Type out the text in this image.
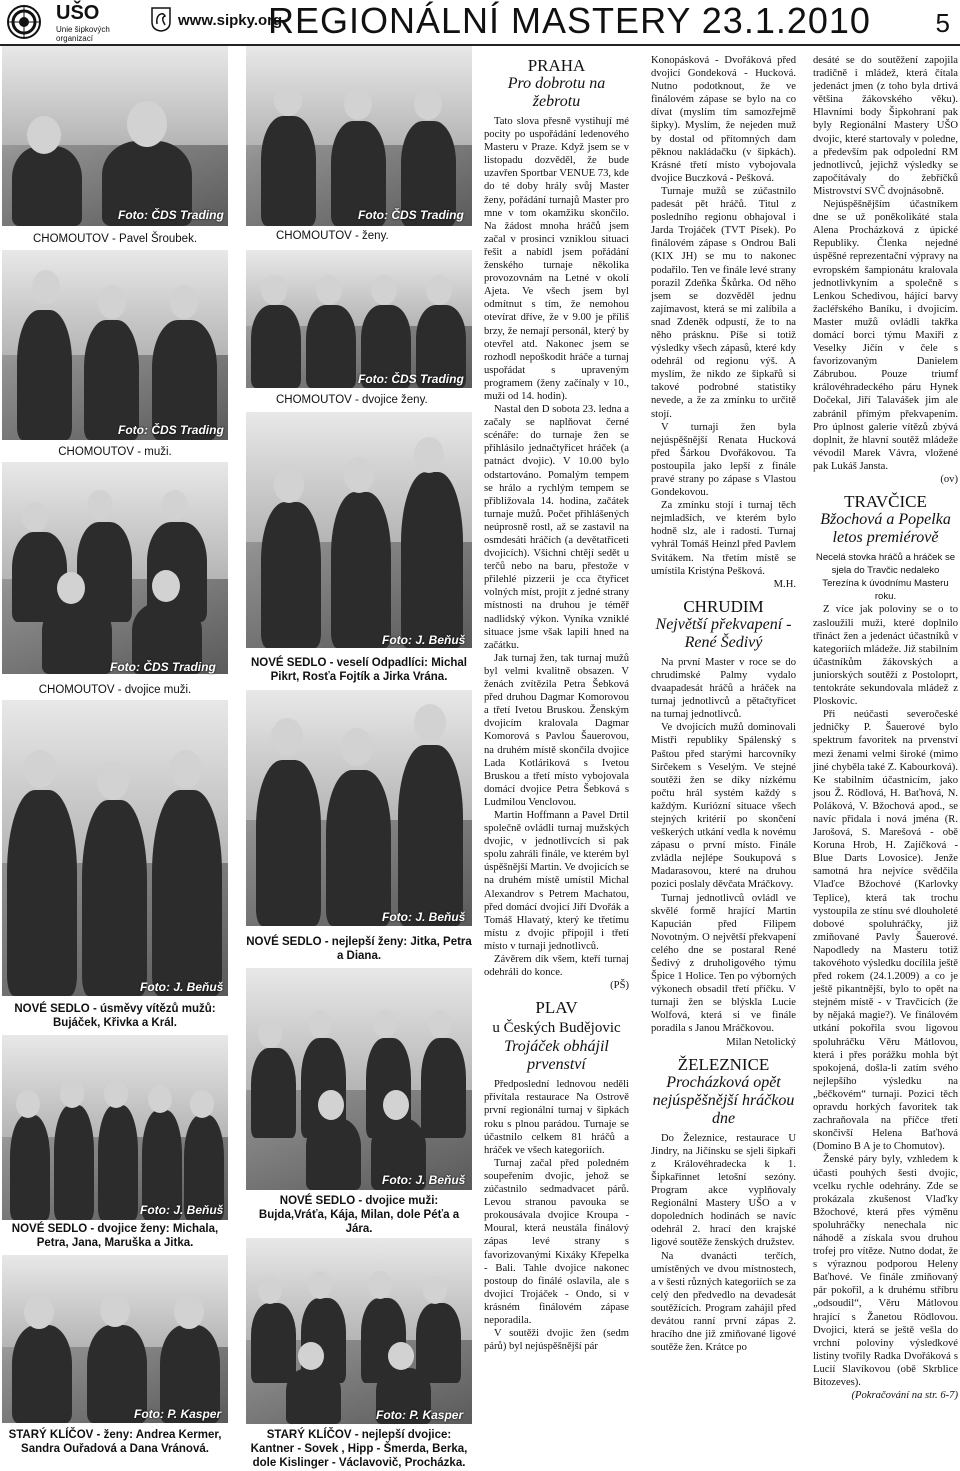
UŠO
Unie šipkových organizací
www.sipky.org
REGIONÁLNÍ MASTERY 23.1.2010 5
CHOMOUTOV - Pavel Šroubek.
Foto: ČDS Trading
CHOMOUTOV - muži.
Foto: ČDS Trading
CHOMOUTOV - dvojice muži.
Foto: J. Beňuš
NOVÉ SEDLO - úsměvy vítězů mužů: Bujáček, Křivka a Král.
Foto: J. Beňuš
NOVÉ SEDLO - dvojice ženy: Michala, Petra, Jana, Maruška a Jitka.
Foto: P. Kasper
STARÝ KLÍČOV - ženy: Andrea Kermer, Sandra Ouřadová a Dana Vránová.
Foto: ČDS Trading
CHOMOUTOV - ženy.
Foto: ČDS Trading
CHOMOUTOV - dvojice ženy.
Foto: J. Beňuš
NOVÉ SEDLO - veselí Odpadlíci: Michal Pikrt, Rosťa Fojtík a Jirka Vrána.
Foto: J. Beňuš
NOVÉ SEDLO - nejlepší ženy: Jitka, Petra a Diana.
Foto: J. Beňuš
NOVÉ SEDLO - dvojice muži: Bujda,Vráťa, Kája, Milan, dole Péťa a Jára.
Foto: P. Kasper
STARÝ KLÍČOV - nejlepší dvojice: Kantner - Sovek , Hipp - Šmerda, Berka, dole Kislinger - Václavovič, Procházka.
PRAHA
Pro dobrotu na žebrotu

Tato slova přesně vystihují mé pocity po uspořádání ledenového Masteru v Praze. Když jsem se v listopadu dozvěděl, že bude uzavřen Sportbar VENUE 73, kde do té doby hrály svůj Master ženy, pořádání turnajů Master pro mne v tom okamžiku skončilo. Na žádost mnoha hráčů jsem začal v prosinci vzniklou situaci řešit a nabídl jsem pořádání ženského turnaje několika provozovnám na Letné v okolí Ajeta. Ve všech jsem byl odmítnut s tím, že nemohou otevírat dříve, že v 9.00 je příliš brzy, že nemají personál, který by otevřel atd. Nakonec jsem se rozhodl nepoškodit hráče a turnaj uspořádat s upraveným programem (ženy začínaly v 10., muži od 14. hodin).

Nastal den D sobota 23. ledna a začaly se naplňovat černé scénáře: do turnaje žen se přihlásilo jednačtyřicet hráček (a patnáct dvojic). V 10.00 bylo odstartováno. Pomalým tempem se hrálo a rychlým tempem se přibližovala 14. hodina, začátek turnaje mužů. Počet přihlášených neúprosně rostl, až se zastavil na osmdesáti hráčích (a devětatřiceti dvojicích). Všichni chtějí sedět u terčů nebo na baru, přestože v přilehlé pizzerii je cca čtyřicet volných míst, projít z jedné strany místnosti na druhou je téměř nadlidský výkon. Vyníka vzniklé situace jsme však lapili hned na začátku.

Jak turnaj žen, tak turnaj mužů byl velmi kvalitně obsazen. V ženách zvítězila Petra Šebková před druhou Dagmar Komorovou a třetí Ivetou Bruskou. Ženským dvojicím kralovala Dagmar Komorová s Pavlou Šauerovou, na druhém místě skončila dvojice Lada Kotláriková s Ivetou Bruskou a třetí místo vybojovala domácí dvojice Petra Šebková s Ludmilou Venclovou.

Martin Hoffmann a Pavel Drtil společně ovládli turnaj mužských dvojic, v jednotlivcích si pak spolu zahráli finále, ve kterém byl úspěšnější Martin. Ve dvojicích se na druhém místě umístil Michal Alexandrov s Petrem Machatou, před domácí dvojicí Jiří Dvořák a Tomáš Hlavatý, který ke třetímu místu z dvojic přípojil i třetí místo v turnaji jednotlivců.

Závěrem dík všem, kteří turnaj odehráli do konce.

(PŠ)

PLAV
u Českých Budějovic
Trojáček obhájil prvenství

Předposlední lednovou neděli přivítala restaurace Na Ostrově první regionální turnaj v šipkách roku s plnou parádou. Turnaje se účastnilo celkem 81 hráčů a hráček ve všech kategoriích.

Turnaj začal před poledném soupeřením dvojic, jehož se zúčastnilo sedmadvacet párů. Levou stranou pavouka se prokousávala dvojice Kroupa - Moural, která neustála finálový zápas levé strany s favorizovanými Kixáky Křepelka - Bali. Tahle dvojice nakonec postoup do finálé oslavila, ale s dvojicí Trojáček - Ondo, si v krásném finálovém zápase neporadila.

V soutěži dvojic žen (sedm párů) byl nejúspěšnější pár

Konopásková - Dvořáková před dvojicí Gondeková - Hucková. Nutno podotknout, že ve finálovém zápase se bylo na co dívat (myslím tím samozřejmě šipky). Myslím, že nejeden muž by dostal od přítomných dam pěknou nakládačku (v šipkách). Krásné třetí místo vybojovala dvojice Buczková - Pešková.

Turnaje mužů se zúčastnilo padesát pět hráčů. Titul z posledního regionu obhajoval i Jarda Trojáček (TVT Písek). Po finálovém zápase s Ondrou Bali (KIX JH) se mu to nakonec podařilo. Ten ve finále levé strany porazil Zdeňka Škůrka. Od něho jsem se dozvěděl jednu zajímavost, která se mi zalíbila a snad Zdeněk odpustí, že to na něho prásknu. Píše si totiž výsledky všech zápasů, které kdy odehrál od regionu výš. A myslím, že nikdo ze šipkařů si takové podrobné statistiky nevede, a že za zmínku to určitě stojí.

V turnaji žen byla nejúspěšnější Renata Hucková před Šárkou Dvořákovou. Ta postoupila jako lepší z finále pravé strany po zápase s Vlastou Gondekovou.

Za zmínku stojí i turnaj těch nejmladších, ve kterém bylo hodně slz, ale i radosti. Turnaj vyhrál Tomáš Heinzl před Pavlem Svitákem. Na třetím místě se umístila Kristýna Pešková.

M.H.

CHRUDIM
Největší překvapení - René Šedivý

Na první Master v roce se do chrudimské Palmy vydalo dvaapadesát hráčů a hráček na turnaj jednotlivců a pětačtyřicet na turnaj jednotlivců.

Ve dvojicích mužů dominovali Mistři republiky Spálenský s Paštou před starými harcovníky Sirčekem s Veselým. Ve stejné soutěži žen se díky nízkému počtu hrál systém každý s každým. Kuriózní situace všech stejných kritérií po skončení veškerých utkání vedla k novému zápasu o první místo. Finále zvládla nejlépe Soukupová s Madarasovou, které na druhou pozici poslaly děvčata Mráčkovy.

Turnaj jednotlivců ovládl ve skvělé formě hrající Martin Kapucián před Filipem Novotným. O největší překvapení celého dne se postaral René Šedivý z druholigového týmu Špice 1 Holice. Ten po výborných výkonech obsadil třetí příčku. V turnaji žen se blýskla Lucie Wolfová, která si ve finále poradila s Janou Mráčkovou.

Milan Netolický

ŽELEZNICE
Procházková opět nejúspěšnější hráčkou dne

Do Železnice, restaurace U Jindry, na Jičínsku se sjeli šipkaři z Královéhradecka k 1. Šipkařinnet letošní sezóny. Program akce vyplňovaly Regionální Mastery UŠO a v dopoledních hodinách se navíc odehrál 2. hrací den krajské ligové soutěže ženských družstev.

Na dvanácti terčích, umístěných ve dvou místnostech, a v šesti různých kategoriích se za celý den předvedlo na devadesát soutěžících. Program zahájil před devátou ranní první zápas 2. hracího dne již zmiňované ligové soutěže žen. Krátce po

desáté se do soutěžení zapojila tradičně i mládež, která čítala jedenáct jmen (z toho byla drtivá většina žákovského věku). Hlavními body Šipkohraní pak byly Regionální Mastery UŠO dvojic, které startovaly v poledne, a především pak odpolední RM jednotlivců, jejichž výsledky se započítávaly do žebříčků Mistrovství SVČ dvojnásobně.

Nejúspěšnějším účastníkem dne se už poněkolikáté stala Alena Procházková z úpické Republiky. Členka nejedné úspěšné reprezentační výpravy na evropském šampionátu kralovala jednotlivkyním a společně s Lenkou Schedivou, hájící barvy žacléřského Baníku, i dvojicím. Master mužů ovládli takřka domácí borci týmu Maxiři z Veselky Jičín v čele s favorizovaným Danielem Zábrubou. Pouze triumf královéhradeckého páru Hynek Dočekal, Jiří Talavášek jim ale zabránil přímým překvapením. Pro úplnost galerie vítězů zbývá doplnit, že hlavní soutěž mládeže vévodil Marek Vávra, vložené pak Lukáš Jansta.

(ov)

TRAVČICE
Bžochová a Popelka letos premiérově

Necelá stovka hráčů a hráček se sjela do Travčic nedaleko Terezína k úvodnímu Masteru roku.

Z více jak poloviny se o to zasloužili muži, které doplnilo třináct žen a jedenáct účastníků v kategoriích mládeže. Již stabilním účastníkům žákovských a juniorských soutěží z Postoloprt, tentokráte sekundovala mládež z Ploskovic.

Při neúčasti severočeské jedničky P. Šauerové bylo spektrum favoritek na prvenství mezi ženami velmi široké (mimo jiné chyběla také Z. Kabourková). Ke stabilním účastnicím, jako jsou Ž. Rödlová, H. Baťhová, N. Poláková, V. Bžochová apod., se navíc přidala i nová jména (R. Jarošová, S. Marešová - obě Koruna Hrob, H. Zajíčková - Blue Darts Lovosice). Jenže samotná hra nejvíce svědčila Vlaďce Bžochové (Karlovky Teplice), která tak trochu vystoupila ze stínu své dlouholeté dobové spoluhráčky, již zmiňované Pavly Šauerové. Napodledy na Masteru totiž takovéhoto výsledku docílila ještě před rokem (24.1.2009) a co je ještě pikantnější, bylo to opět na stejném místě - v Travčicích (že by nějaká magie?). Ve finálovém utkání pokořila svou ligovou spoluhráčku Věru Mátlovou, která i přes porážku mohla být spokojená, došla-li zatím svého nejlepšího výsledku na „béčkovém“ turnaji. Pozici těch opravdu horkých favoritek tak zachraňovala na příčce třetí skončivší Helena Baťhová (Domino B A je to Chomutov).

Ženské páry byly, vzhledem k účasti pouhých šesti dvojic, vcelku rychle odehrány. Zde se prokázala zkušenost Vlaďky Bžochové, která přes výměnu spoluhráčky nenechala nic náhodě a získala svou druhou trofej pro vítěze. Nutno dodat, že s výraznou podporou Heleny Baťhové. Ve finále zmiňovaný pár pokořil, a k druhému stříbru „odsoudil“, Věru Mátlovou hrající s Žanetou Rödlovou. Dvojici, která se ještě vešla do vrchní poloviny výsledkové listiny tvořily Radka Dvořáková s Lucií Slavíkovou (obě Skrblice Bitozeves).

(Pokračování na str. 6-7)

Foto: ČDS Trading
